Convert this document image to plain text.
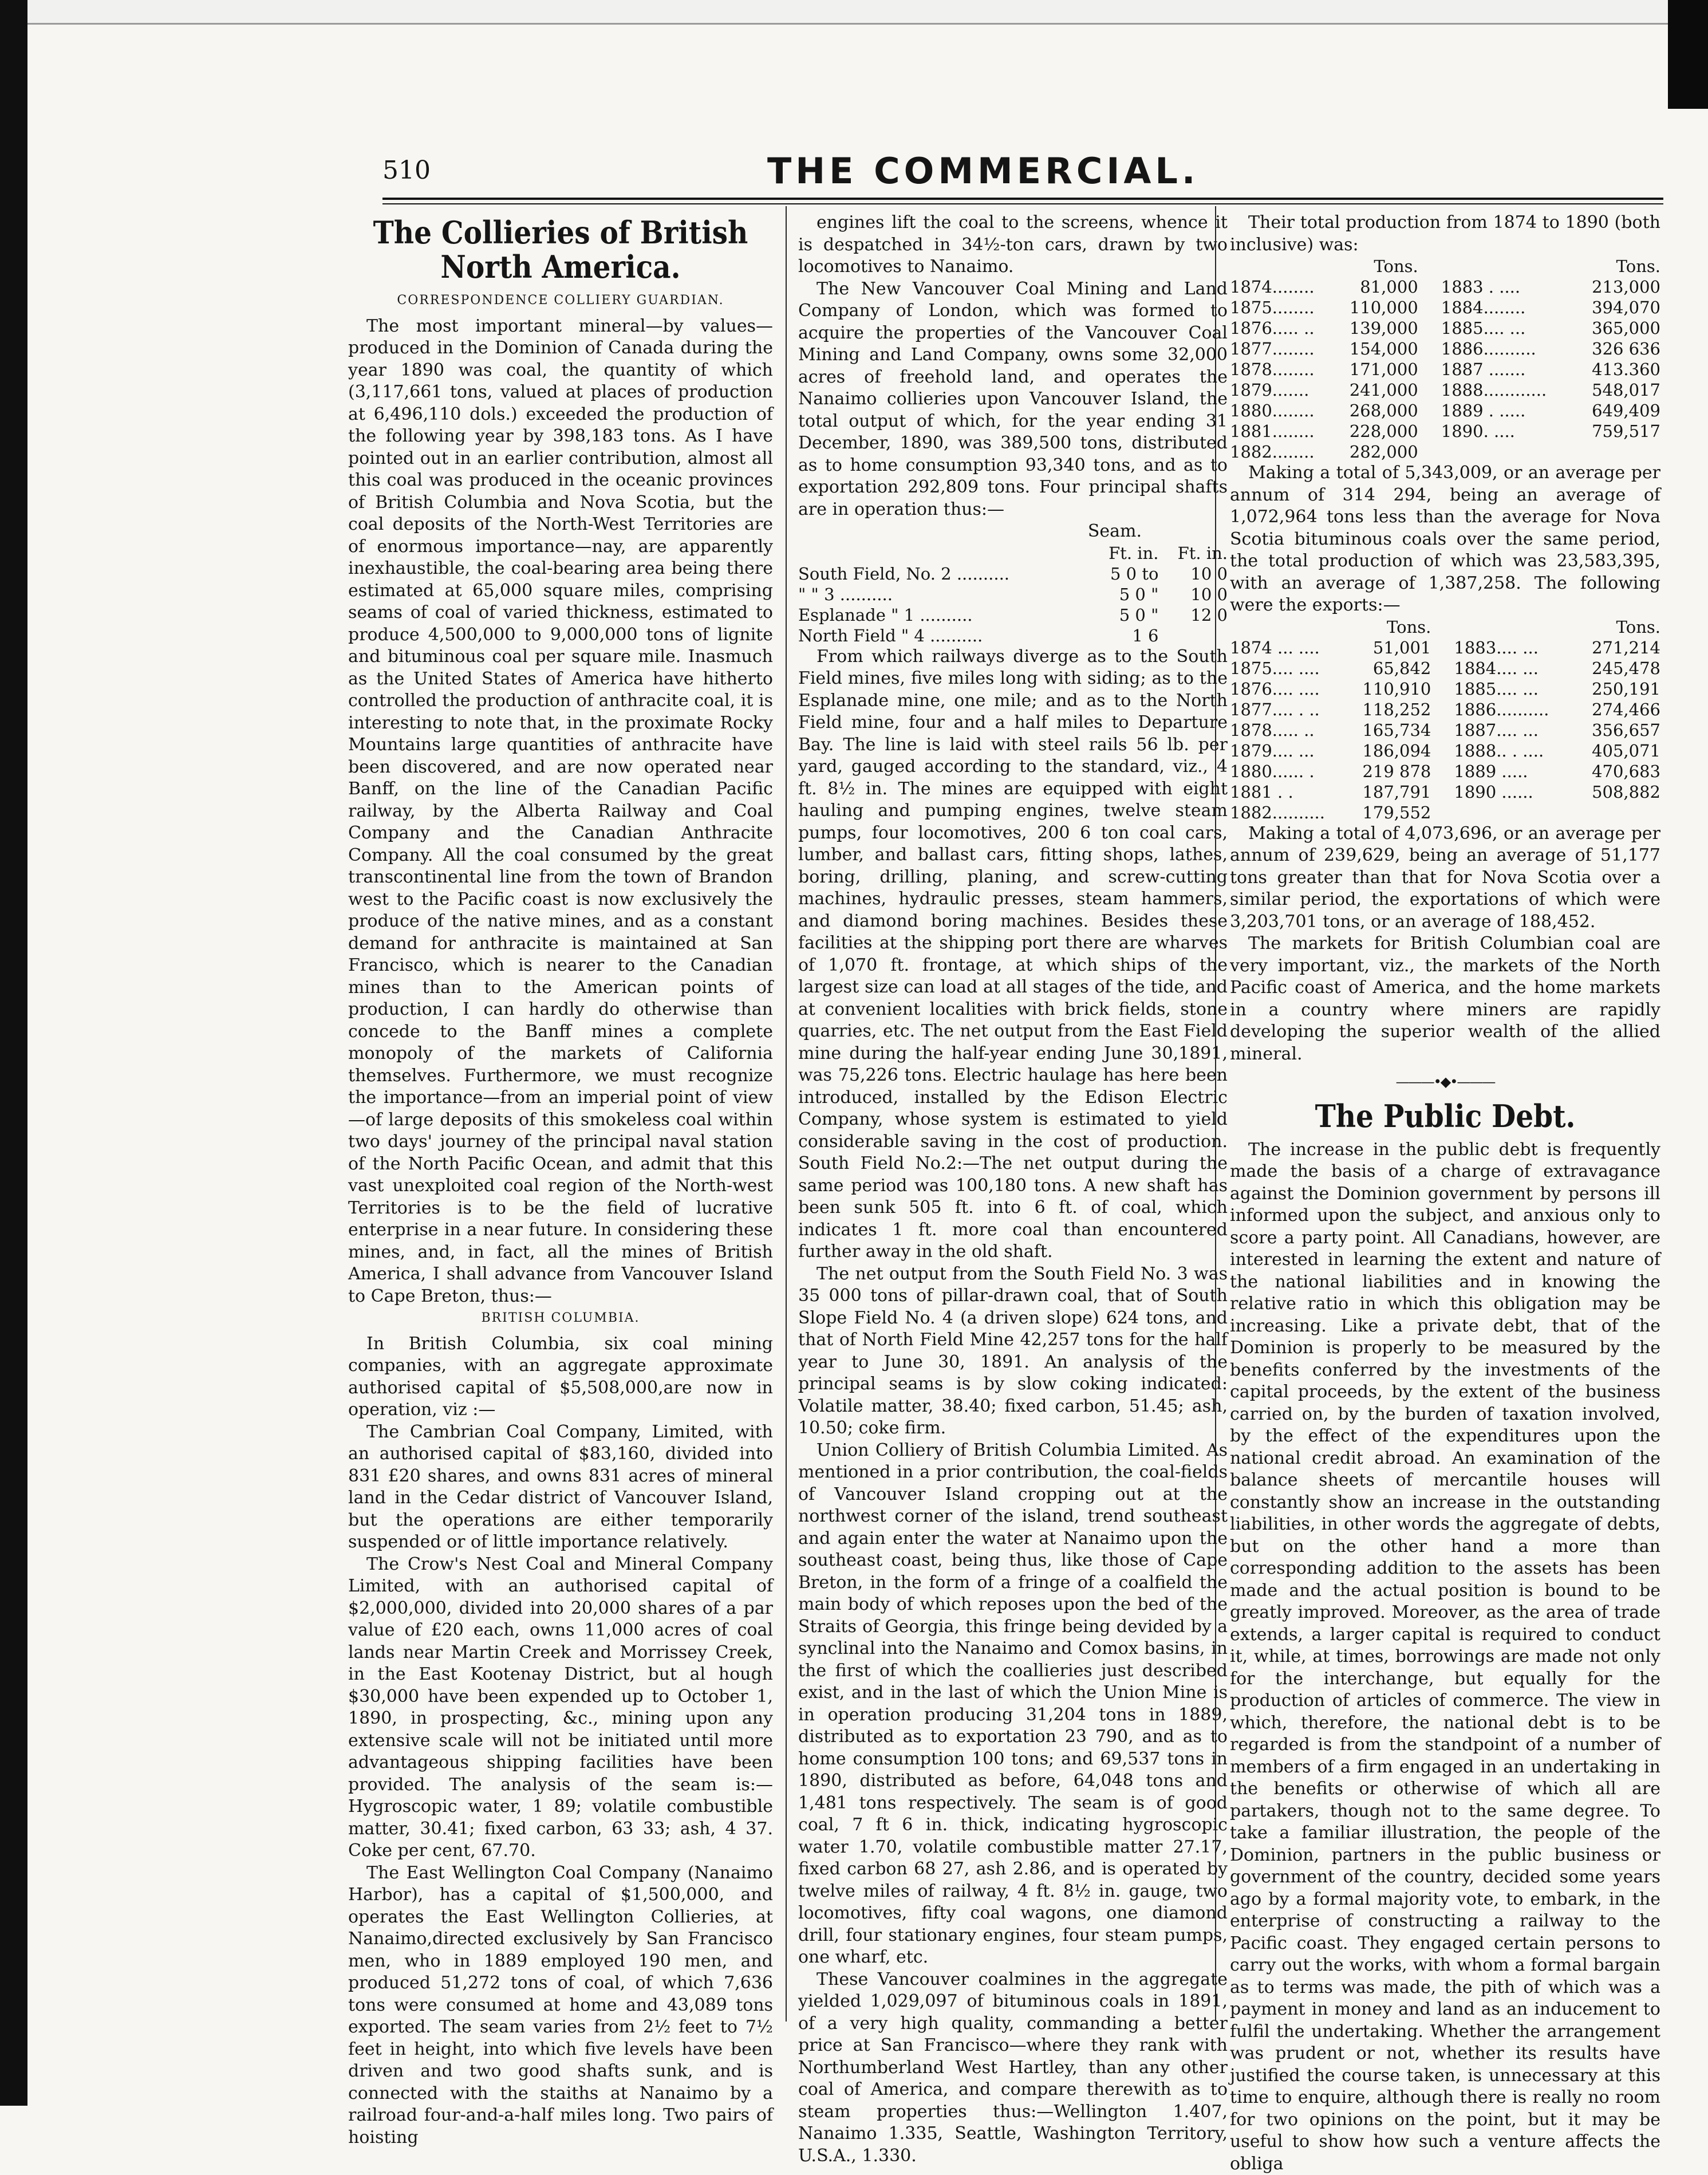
510	THE COMMERCIAL.
The Collieries of British North America.
CORRESPONDENCE COLLIERY GUARDIAN.

The most important mineral—by values—produced in the Dominion of Canada during the year 1890 was coal, the quantity of which (3,117,661 tons, valued at places of production at 6,496,110 dols.) exceeded the production of the following year by 398,183 tons. As I have pointed out in an earlier contribution, almost all this coal was produced in the oceanic provinces of British Columbia and Nova Scotia, but the coal deposits of the North-West Territories are of enormous importance—nay, are apparently inexhaustible, the coal-bearing area being there estimated at 65,000 square miles, comprising seams of coal of varied thickness, estimated to produce 4,500,000 to 9,000,000 tons of lignite and bituminous coal per square mile. Inasmuch as the United States of America have hitherto controlled the production of anthracite coal, it is interesting to note that, in the proximate Rocky Mountains large quantities of anthracite have been discovered, and are now operated near Banff, on the line of the Canadian Pacific railway, by the Alberta Railway and Coal Company and the Canadian Anthracite Company. All the coal consumed by the great transcontinental line from the town of Brandon west to the Pacific coast is now exclusively the produce of the native mines, and as a constant demand for anthracite is maintained at San Francisco, which is nearer to the Canadian mines than to the American points of production, I can hardly do otherwise than concede to the Banff mines a complete monopoly of the markets of California themselves. Furthermore, we must recognize the importance—from an imperial point of view—of large deposits of this smokeless coal within two days' journey of the principal naval station of the North Pacific Ocean, and admit that this vast unexploited coal region of the North-west Territories is to be the field of lucrative enterprise in a near future. In considering these mines, and, in fact, all the mines of British America, I shall advance from Vancouver Island to Cape Breton, thus:—

BRITISH COLUMBIA.

In British Columbia, six coal mining companies, with an aggregate approximate authorised capital of $5,508,000,are now in operation, viz :—

The Cambrian Coal Company, Limited, with an authorised capital of $83,160, divided into 831 £20 shares, and owns 831 acres of mineral land in the Cedar district of Vancouver Island, but the operations are either temporarily suspended or of little importance relatively.

The Crow's Nest Coal and Mineral Company Limited, with an authorised capital of $2,000,000, divided into 20,000 shares of a par value of £20 each, owns 11,000 acres of coal lands near Martin Creek and Morrissey Creek, in the East Kootenay District, but al hough $30,000 have been expended up to October 1, 1890, in prospecting, &c., mining upon any extensive scale will not be initiated until more advantageous shipping facilities have been provided. The analysis of the seam is:—Hygroscopic water, 1 89; volatile combustible matter, 30.41; fixed carbon, 63 33; ash, 4 37. Coke per cent, 67.70.

The East Wellington Coal Company (Nanaimo Harbor), has a capital of $1,500,000, and operates the East Wellington Collieries, at Nanaimo,directed exclusively by San Francisco men, who in 1889 employed 190 men, and produced 51,272 tons of coal, of which 7,636 tons were consumed at home and 43,089 tons exported. The seam varies from 2½ feet to 7½ feet in height, into which five levels have been driven and two good shafts sunk, and is connected with the staiths at Nanaimo by a railroad four-and-a-half miles long. Two pairs of hoisting

engines lift the coal to the screens, whence it is despatched in 34½-ton cars, drawn by two locomotives to Nanaimo.

The New Vancouver Coal Mining and Land Company of London, which was formed to acquire the properties of the Vancouver Coal Mining and Land Company, owns some 32,000 acres of freehold land, and operates the Nanaimo collieries upon Vancouver Island, the total output of which, for the year ending 31 December, 1890, was 389,500 tons, distributed as to home consumption 93,340 tons, and as to exportation 292,809 tons. Four principal shafts are in operation thus:—

Seam.
	Ft. in.	Ft. in.
South Field, No. 2 ..........	5 0 to	10 0
" " 3 ..........	5 0 "	10 0
Esplanade " 1 ..........	5 0 "	12 0
North Field " 4 ..........	1 6	

From which railways diverge as to the South Field mines, five miles long with siding; as to the Esplanade mine, one mile; and as to the North Field mine, four and a half miles to Departure Bay. The line is laid with steel rails 56 lb. per yard, gauged according to the standard, viz., 4 ft. 8½ in. The mines are equipped with eight hauling and pumping engines, twelve steam pumps, four locomotives, 200 6 ton coal cars, lumber, and ballast cars, fitting shops, lathes, boring, drilling, planing, and screw-cutting machines, hydraulic presses, steam hammers, and diamond boring machines. Besides these facilities at the shipping port there are wharves of 1,070 ft. frontage, at which ships of the largest size can load at all stages of the tide, and at convenient localities with brick fields, stone quarries, etc. The net output from the East Field mine during the half-year ending June 30,1891, was 75,226 tons. Electric haulage has here been introduced, installed by the Edison Electric Company, whose system is estimated to yield considerable saving in the cost of production. South Field No.2:—The net output during the same period was 100,180 tons. A new shaft has been sunk 505 ft. into 6 ft. of coal, which indicates 1 ft. more coal than encountered further away in the old shaft.

The net output from the South Field No. 3 was 35 000 tons of pillar-drawn coal, that of South Slope Field No. 4 (a driven slope) 624 tons, and that of North Field Mine 42,257 tons for the half year to June 30, 1891. An analysis of the principal seams is by slow coking indicated: Volatile matter, 38.40; fixed carbon, 51.45; ash, 10.50; coke firm.

Union Colliery of British Columbia Limited. As mentioned in a prior contribution, the coal-fields of Vancouver Island cropping out at the northwest corner of the island, trend southeast and again enter the water at Nanaimo upon the southeast coast, being thus, like those of Cape Breton, in the form of a fringe of a coalfield the main body of which reposes upon the bed of the Straits of Georgia, this fringe being devided by a synclinal into the Nanaimo and Comox basins, in the first of which the coallieries just described exist, and in the last of which the Union Mine is in operation producing 31,204 tons in 1889, distributed as to exportation 23 790, and as to home consumption 100 tons; and 69,537 tons in 1890, distributed as before, 64,048 tons and 1,481 tons respectively. The seam is of good coal, 7 ft 6 in. thick, indicating hygroscopic water 1.70, volatile combustible matter 27.17, fixed carbon 68 27, ash 2.86, and is operated by twelve miles of railway, 4 ft. 8½ in. gauge, two locomotives, fifty coal wagons, one diamond drill, four stationary engines, four steam pumps, one wharf, etc.

These Vancouver coalmines in the aggregate yielded 1,029,097 of bituminous coals in 1891, of a very high quality, commanding a better price at San Francisco—where they rank with Northumberland West Hartley, than any other coal of America, and compare therewith as to steam properties thus:—Wellington 1.407, Nanaimo 1.335, Seattle, Washington Territory, U.S.A., 1.330.

Their total production from 1874 to 1890 (both inclusive) was:

	Tons.		Tons.
1874........	81,000	1883 . ....	213,000
1875........	110,000	1884........	394,070
1876..... ..	139,000	1885.... ...	365,000
1877........	154,000	1886..........	326 636
1878........	171,000	1887 .......	413.360
1879.......	241,000	1888............	548,017
1880........	268,000	1889 . .....	649,409
1881........	228,000	1890. ....	759,517
1882........	282,000		

Making a total of 5,343,009, or an average per annum of 314 294, being an average of 1,072,964 tons less than the average for Nova Scotia bituminous coals over the same period, the total production of which was 23,583,395, with an average of 1,387,258. The following were the exports:—

	Tons.		Tons.
1874 ... ....	51,001	1883.... ...	271,214
1875.... ....	65,842	1884.... ...	245,478
1876.... ....	110,910	1885.... ...	250,191
1877.... . ..	118,252	1886..........	274,466
1878..... ..	165,734	1887.... ...	356,657
1879.... ...	186,094	1888.. . ....	405,071
1880...... .	219 878	1889 .....	470,683
1881 . .	187,791	1890 ......	508,882
1882..........	179,552		

Making a total of 4,073,696, or an average per annum of 239,629, being an average of 51,177 tons greater than that for Nova Scotia over a similar period, the exportations of which were 3,203,701 tons, or an average of 188,452.

The markets for British Columbian coal are very important, viz., the markets of the North Pacific coast of America, and the home markets in a country where miners are rapidly developing the superior wealth of the allied mineral.

———•◆•———
The Public Debt.

The increase in the public debt is frequently made the basis of a charge of extravagance against the Dominion government by persons ill informed upon the subject, and anxious only to score a party point. All Canadians, however, are interested in learning the extent and nature of the national liabilities and in knowing the relative ratio in which this obligation may be increasing. Like a private debt, that of the Dominion is properly to be measured by the benefits conferred by the investments of the capital proceeds, by the extent of the business carried on, by the burden of taxation involved, by the effect of the expenditures upon the national credit abroad. An examination of the balance sheets of mercantile houses will constantly show an increase in the outstanding liabilities, in other words the aggregate of debts, but on the other hand a more than corresponding addition to the assets has been made and the actual position is bound to be greatly improved. Moreover, as the area of trade extends, a larger capital is required to conduct it, while, at times, borrowings are made not only for the interchange, but equally for the production of articles of commerce. The view in which, therefore, the national debt is to be regarded is from the standpoint of a number of members of a firm engaged in an undertaking in the benefits or otherwise of which all are partakers, though not to the same degree. To take a familiar illustration, the people of the Dominion, partners in the public business or government of the country, decided some years ago by a formal majority vote, to embark, in the enterprise of constructing a railway to the Pacific coast. They engaged certain persons to carry out the works, with whom a formal bargain as to terms was made, the pith of which was a payment in money and land as an inducement to fulfil the undertaking. Whether the arrangement was prudent or not, whether its results have justified the course taken, is unnecessary at this time to enquire, although there is really no room for two opinions on the point, but it may be useful to show how such a venture affects the obliga
